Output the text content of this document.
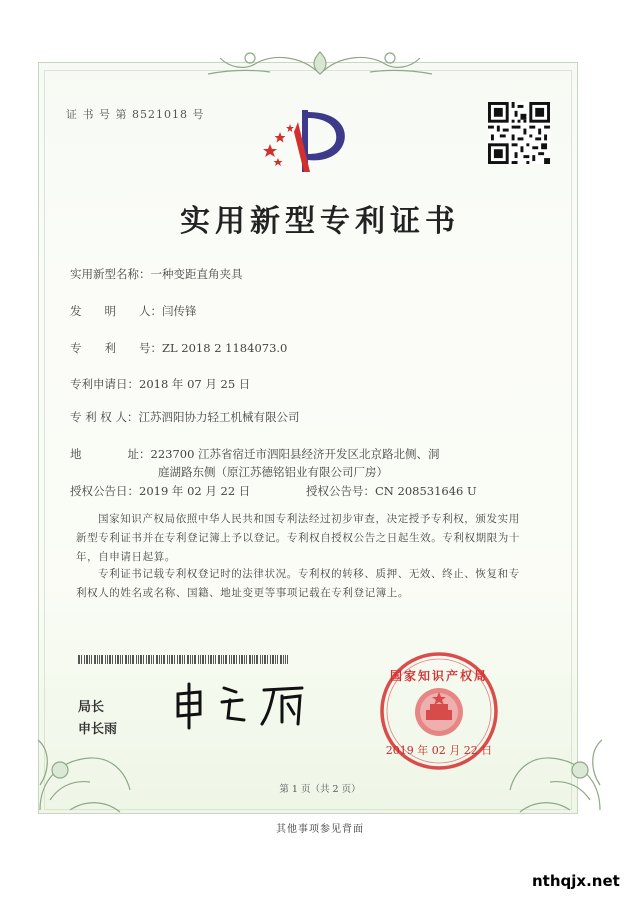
证 书 号 第 8521018 号
实用新型专利证书
实用新型名称：一种变距直角夹具
发　　明　　人：闫传锋
专　　利　　号：ZL 2018 2 1184073.0
专利申请日：2018 年 07 月 25 日
专 利 权 人：江苏泗阳协力轻工机械有限公司
地　　　　址：223700 江苏省宿迁市泗阳县经济开发区北京路北侧、洞
庭湖路东侧（原江苏德铭铝业有限公司厂房）
授权公告日：2019 年 02 月 22 日	授权公告号：CN 208531646 U
国家知识产权局依照中华人民共和国专利法经过初步审查，决定授予专利权，颁发实用
新型专利证书并在专利登记簿上予以登记。专利权自授权公告之日起生效。专利权期限为十
年，自申请日起算。
专利证书记载专利权登记时的法律状况。专利权的转移、质押、无效、终止、恢复和专
利权人的姓名或名称、国籍、地址变更等事项记载在专利登记簿上。
局长
申长雨
国家知识产权局
2019 年 02 月 22 日
第 1 页（共 2 页）
其他事项参见背面
nthqjx.net
